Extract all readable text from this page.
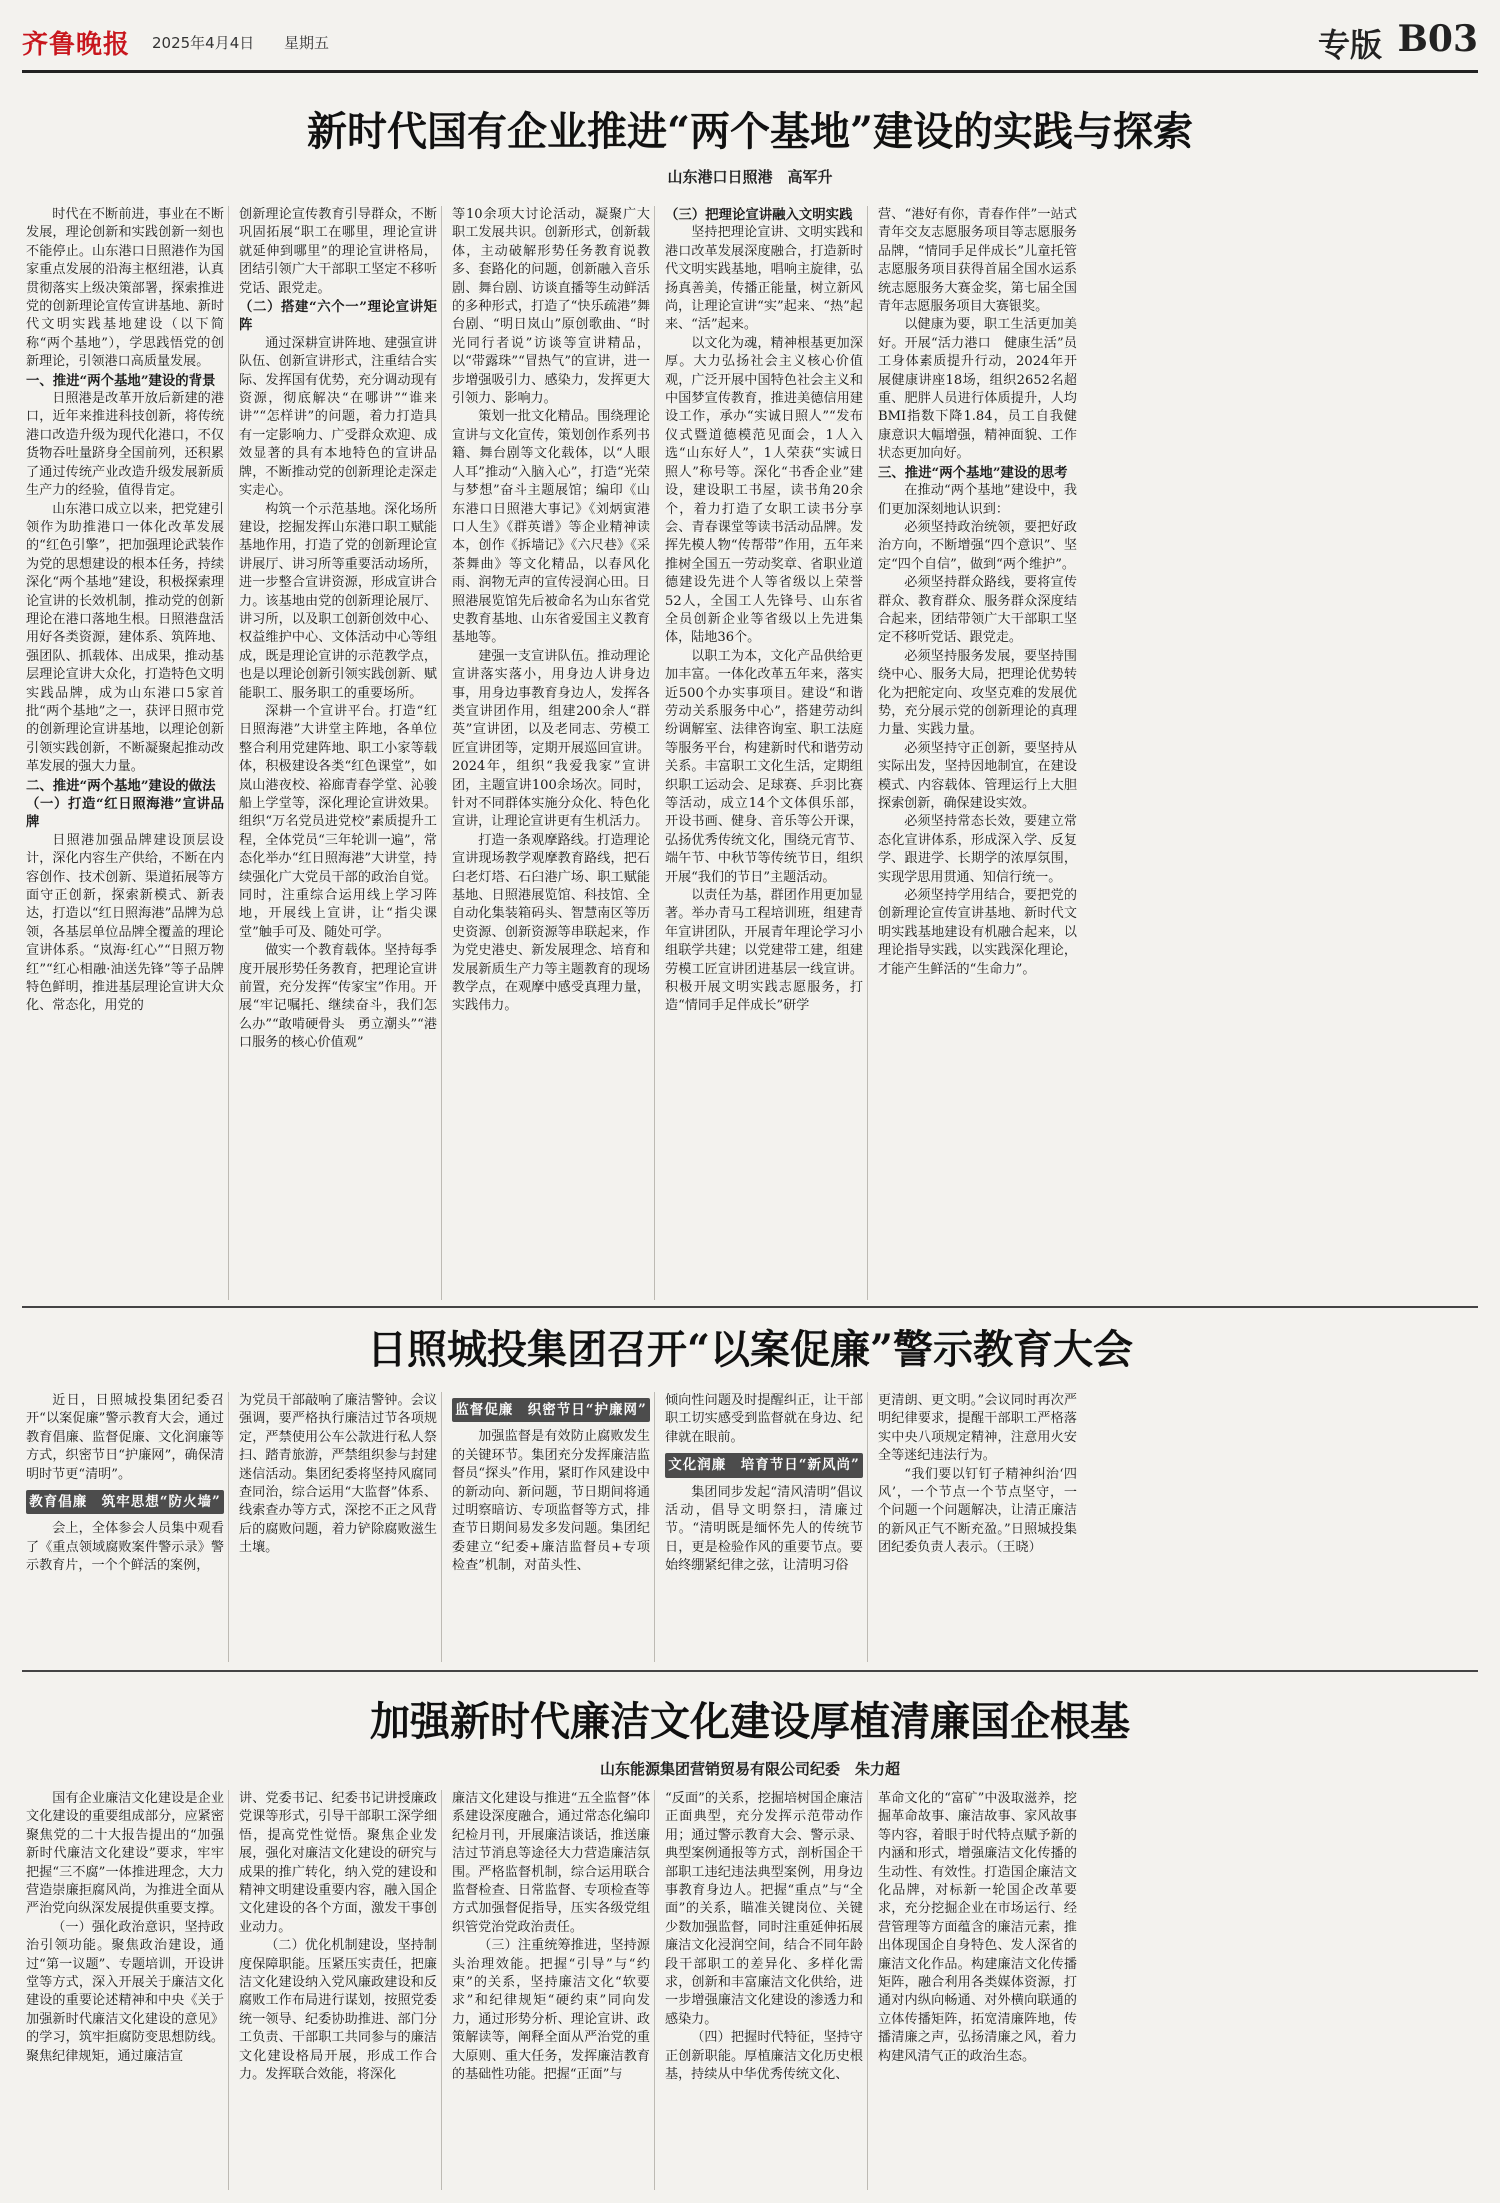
齐鲁晚报 2025年4月4日 星期五	专版 B03
新时代国有企业推进“两个基地”建设的实践与探索
山东港口日照港　高军升

时代在不断前进，事业在不断发展，理论创新和实践创新一刻也不能停止。山东港口日照港作为国家重点发展的沿海主枢纽港，认真贯彻落实上级决策部署，探索推进党的创新理论宣传宣讲基地、新时代文明实践基地建设（以下简称“两个基地”），学思践悟党的创新理论，引领港口高质量发展。

一、推进“两个基地”建设的背景

日照港是改革开放后新建的港口，近年来推进科技创新，将传统港口改造升级为现代化港口，不仅货物吞吐量跻身全国前列，还积累了通过传统产业改造升级发展新质生产力的经验，值得肯定。

山东港口成立以来，把党建引领作为助推港口一体化改革发展的“红色引擎”，把加强理论武装作为党的思想建设的根本任务，持续深化“两个基地”建设，积极探索理论宣讲的长效机制，推动党的创新理论在港口落地生根。日照港盘活用好各类资源，建体系、筑阵地、强团队、抓载体、出成果，推动基层理论宣讲大众化，打造特色文明实践品牌，成为山东港口5家首批“两个基地”之一，获评日照市党的创新理论宣讲基地，以理论创新引领实践创新，不断凝聚起推动改革发展的强大力量。

二、推进“两个基地”建设的做法
（一）打造“红日照海港”宣讲品牌

日照港加强品牌建设顶层设计，深化内容生产供给，不断在内容创作、技术创新、渠道拓展等方面守正创新，探索新模式、新表达，打造以“红日照海港”品牌为总领，各基层单位品牌全覆盖的理论宣讲体系。“岚海·红心”“日照万物红”“红心相融·油送先锋”等子品牌特色鲜明，推进基层理论宣讲大众化、常态化，用党的

创新理论宣传教育引导群众，不断巩固拓展“职工在哪里，理论宣讲就延伸到哪里”的理论宣讲格局，团结引领广大干部职工坚定不移听党话、跟党走。

（二）搭建“六个一”理论宣讲矩阵

通过深耕宣讲阵地、建强宣讲队伍、创新宣讲形式，注重结合实际、发挥国有优势，充分调动现有资源，彻底解决“在哪讲”“谁来讲”“怎样讲”的问题，着力打造具有一定影响力、广受群众欢迎、成效显著的具有本地特色的宣讲品牌，不断推动党的创新理论走深走实走心。

构筑一个示范基地。深化场所建设，挖掘发挥山东港口职工赋能基地作用，打造了党的创新理论宣讲展厅、讲习所等重要活动场所，进一步整合宣讲资源，形成宣讲合力。该基地由党的创新理论展厅、讲习所，以及职工创新创效中心、权益维护中心、文体活动中心等组成，既是理论宣讲的示范教学点，也是以理论创新引领实践创新、赋能职工、服务职工的重要场所。

深耕一个宣讲平台。打造“红日照海港”大讲堂主阵地，各单位整合利用党建阵地、职工小家等载体，积极建设各类“红色课堂”，如岚山港夜校、裕廊青春学堂、沁骏船上学堂等，深化理论宣讲效果。组织“万名党员进党校”素质提升工程，全体党员“三年轮训一遍”，常态化举办“红日照海港”大讲堂，持续强化广大党员干部的政治自觉。同时，注重综合运用线上学习阵地，开展线上宣讲，让“指尖课堂”触手可及、随处可学。

做实一个教育载体。坚持每季度开展形势任务教育，把理论宣讲前置，充分发挥“传家宝”作用。开展“牢记嘱托、继续奋斗，我们怎么办”“敢啃硬骨头　勇立潮头”“港口服务的核心价值观”

等10余项大讨论活动，凝聚广大职工发展共识。创新形式，创新载体，主动破解形势任务教育说教多、套路化的问题，创新融入音乐剧、舞台剧、访谈直播等生动鲜活的多种形式，打造了“快乐疏港”舞台剧、“明日岚山”原创歌曲、“时光同行者说”访谈等宣讲精品，以“带露珠”“冒热气”的宣讲，进一步增强吸引力、感染力，发挥更大引领力、影响力。

策划一批文化精品。围绕理论宣讲与文化宣传，策划创作系列书籍、舞台剧等文化载体，以“人眼人耳”推动“入脑入心”，打造“光荣与梦想”奋斗主题展馆；编印《山东港口日照港大事记》《刘炳寅港口人生》《群英谱》等企业精神读本，创作《拆墙记》《六尺巷》《采茶舞曲》等文化精品，以春风化雨、润物无声的宣传浸润心田。日照港展览馆先后被命名为山东省党史教育基地、山东省爱国主义教育基地等。

建强一支宣讲队伍。推动理论宣讲落实落小，用身边人讲身边事，用身边事教育身边人，发挥各类宣讲团作用，组建200余人“群英”宣讲团，以及老同志、劳模工匠宣讲团等，定期开展巡回宣讲。2024年，组织“我爱我家”宣讲团，主题宣讲100余场次。同时，针对不同群体实施分众化、特色化宣讲，让理论宣讲更有生机活力。

打造一条观摩路线。打造理论宣讲现场教学观摩教育路线，把石臼老灯塔、石臼港广场、职工赋能基地、日照港展览馆、科技馆、全自动化集装箱码头、智慧南区等历史资源、创新资源等串联起来，作为党史港史、新发展理念、培育和发展新质生产力等主题教育的现场教学点，在观摩中感受真理力量，实践伟力。

（三）把理论宣讲融入文明实践

坚持把理论宣讲、文明实践和港口改革发展深度融合，打造新时代文明实践基地，唱响主旋律，弘扬真善美，传播正能量，树立新风尚，让理论宣讲“实”起来、“热”起来、“活”起来。

以文化为魂，精神根基更加深厚。大力弘扬社会主义核心价值观，广泛开展中国特色社会主义和中国梦宣传教育，推进美德信用建设工作，承办“实诚日照人”“发布仪式暨道德模范见面会，1人入选“山东好人”，1人荣获“实诚日照人”称号等。深化“书香企业”建设，建设职工书屋，读书角20余个，着力打造了女职工读书分享会、青春课堂等读书活动品牌。发挥先模人物“传帮带”作用，五年来推树全国五一劳动奖章、省职业道德建设先进个人等省级以上荣誉52人，全国工人先锋号、山东省全员创新企业等省级以上先进集体，陆地36个。

以职工为本，文化产品供给更加丰富。一体化改革五年来，落实近500个办实事项目。建设“和谐劳动关系服务中心”，搭建劳动纠纷调解室、法律咨询室、职工法庭等服务平台，构建新时代和谐劳动关系。丰富职工文化生活，定期组织职工运动会、足球赛、乒羽比赛等活动，成立14个文体俱乐部，开设书画、健身、音乐等公开课，弘扬优秀传统文化，围绕元宵节、端午节、中秋节等传统节日，组织开展“我们的节日”主题活动。

以责任为基，群团作用更加显著。举办青马工程培训班，组建青年宣讲团队，开展青年理论学习小组联学共建；以党建带工建，组建劳模工匠宣讲团进基层一线宣讲。积极开展文明实践志愿服务，打造“情同手足伴成长”研学

营、“港好有你，青春作伴”一站式青年交友志愿服务项目等志愿服务品牌，“情同手足伴成长”儿童托管志愿服务项目获得首届全国水运系统志愿服务大赛金奖，第七届全国青年志愿服务项目大赛银奖。

以健康为要，职工生活更加美好。开展“活力港口　健康生活”员工身体素质提升行动，2024年开展健康讲座18场，组织2652名超重、肥胖人员进行体质提升，人均BMI指数下降1.84，员工自我健康意识大幅增强，精神面貌、工作状态更加向好。

三、推进“两个基地”建设的思考

在推动“两个基地”建设中，我们更加深刻地认识到：

必须坚持政治统领，要把好政治方向，不断增强“四个意识”、坚定“四个自信”，做到“两个维护”。

必须坚持群众路线，要将宣传群众、教育群众、服务群众深度结合起来，团结带领广大干部职工坚定不移听党话、跟党走。

必须坚持服务发展，要坚持围绕中心、服务大局，把理论优势转化为把舵定向、攻坚克难的发展优势，充分展示党的创新理论的真理力量、实践力量。

必须坚持守正创新，要坚持从实际出发，坚持因地制宜，在建设模式、内容载体、管理运行上大胆探索创新，确保建设实效。

必须坚持常态长效，要建立常态化宣讲体系，形成深入学、反复学、跟进学、长期学的浓厚氛围，实现学思用贯通、知信行统一。

必须坚持学用结合，要把党的创新理论宣传宣讲基地、新时代文明实践基地建设有机融合起来，以理论指导实践，以实践深化理论，才能产生鲜活的“生命力”。

日照城投集团召开“以案促廉”警示教育大会

近日，日照城投集团纪委召开“以案促廉”警示教育大会，通过教育倡廉、监督促廉、文化润廉等方式，织密节日“护廉网”，确保清明时节更“清明”。

教育倡廉　筑牢思想“防火墙”

会上，全体参会人员集中观看了《重点领域腐败案件警示录》警示教育片，一个个鲜活的案例，

为党员干部敲响了廉洁警钟。会议强调，要严格执行廉洁过节各项规定，严禁使用公车公款进行私人祭扫、踏青旅游，严禁组织参与封建迷信活动。集团纪委将坚持风腐同查同治，综合运用“大监督”体系、线索查办等方式，深挖不正之风背后的腐败问题，着力铲除腐败滋生土壤。

监督促廉　织密节日“护廉网”

加强监督是有效防止腐败发生的关键环节。集团充分发挥廉洁监督员“探头”作用，紧盯作风建设中的新动向、新问题，节日期间将通过明察暗访、专项监督等方式，排查节日期间易发多发问题。集团纪委建立“纪委+廉洁监督员+专项检查”机制，对苗头性、

倾向性问题及时提醒纠正，让干部职工切实感受到监督就在身边、纪律就在眼前。

文化润廉　培育节日“新风尚”

集团同步发起“清风清明”倡议活动，倡导文明祭扫，清廉过节。“清明既是缅怀先人的传统节日，更是检验作风的重要节点。要始终绷紧纪律之弦，让清明习俗

更清朗、更文明。”会议同时再次严明纪律要求，提醒干部职工严格落实中央八项规定精神，注意用火安全等迷纪违法行为。

“我们要以钉钉子精神纠治‘四风’，一个节点一个节点坚守，一个问题一个问题解决，让清正廉洁的新风正气不断充盈。”日照城投集团纪委负责人表示。（王晓）

加强新时代廉洁文化建设厚植清廉国企根基
山东能源集团营销贸易有限公司纪委　朱力超

国有企业廉洁文化建设是企业文化建设的重要组成部分，应紧密聚焦党的二十大报告提出的“加强新时代廉洁文化建设”要求，牢牢把握“三不腐”一体推进理念，大力营造崇廉拒腐风尚，为推进全面从严治党向纵深发展提供重要支撑。

（一）强化政治意识，坚持政治引领功能。聚焦政治建设，通过“第一议题”、专题培训，开设讲堂等方式，深入开展关于廉洁文化建设的重要论述精神和中央《关于加强新时代廉洁文化建设的意见》的学习，筑牢拒腐防变思想防线。聚焦纪律规矩，通过廉洁宣

讲、党委书记、纪委书记讲授廉政党课等形式，引导干部职工深学细悟，提高党性觉悟。聚焦企业发展，强化对廉洁文化建设的研究与成果的推广转化，纳入党的建设和精神文明建设重要内容，融入国企文化建设的各个方面，激发干事创业动力。

（二）优化机制建设，坚持制度保障职能。压紧压实责任，把廉洁文化建设纳入党风廉政建设和反腐败工作布局进行谋划，按照党委统一领导、纪委协助推进、部门分工负责、干部职工共同参与的廉洁文化建设格局开展，形成工作合力。发挥联合效能，将深化

廉洁文化建设与推进“五全监督”体系建设深度融合，通过常态化编印纪检月刊，开展廉洁谈话，推送廉洁过节消息等途径大力营造廉洁氛围。严格监督机制，综合运用联合监督检查、日常监督、专项检查等方式加强督促指导，压实各级党组织管党治党政治责任。

（三）注重统筹推进，坚持源头治理效能。把握“引导”与“约束”的关系，坚持廉洁文化“软要求”和纪律规矩“硬约束”同向发力，通过形势分析、理论宣讲、政策解读等，阐释全面从严治党的重大原则、重大任务，发挥廉洁教育的基础性功能。把握“正面”与

“反面”的关系，挖掘培树国企廉洁正面典型，充分发挥示范带动作用；通过警示教育大会、警示录、典型案例通报等方式，剖析国企干部职工违纪违法典型案例，用身边事教育身边人。把握“重点”与“全面”的关系，瞄准关键岗位、关键少数加强监督，同时注重延伸拓展廉洁文化浸润空间，结合不同年龄段干部职工的差异化、多样化需求，创新和丰富廉洁文化供给，进一步增强廉洁文化建设的渗透力和感染力。

（四）把握时代特征，坚持守正创新职能。厚植廉洁文化历史根基，持续从中华优秀传统文化、

革命文化的“富矿”中汲取滋养，挖掘革命故事、廉洁故事、家风故事等内容，着眼于时代特点赋予新的内涵和形式，增强廉洁文化传播的生动性、有效性。打造国企廉洁文化品牌，对标新一轮国企改革要求，充分挖掘企业在市场运行、经营管理等方面蕴含的廉洁元素，推出体现国企自身特色、发人深省的廉洁文化作品。构建廉洁文化传播矩阵，融合利用各类媒体资源，打通对内纵向畅通、对外横向联通的立体传播矩阵，拓宽清廉阵地，传播清廉之声，弘扬清廉之风，着力构建风清气正的政治生态。
